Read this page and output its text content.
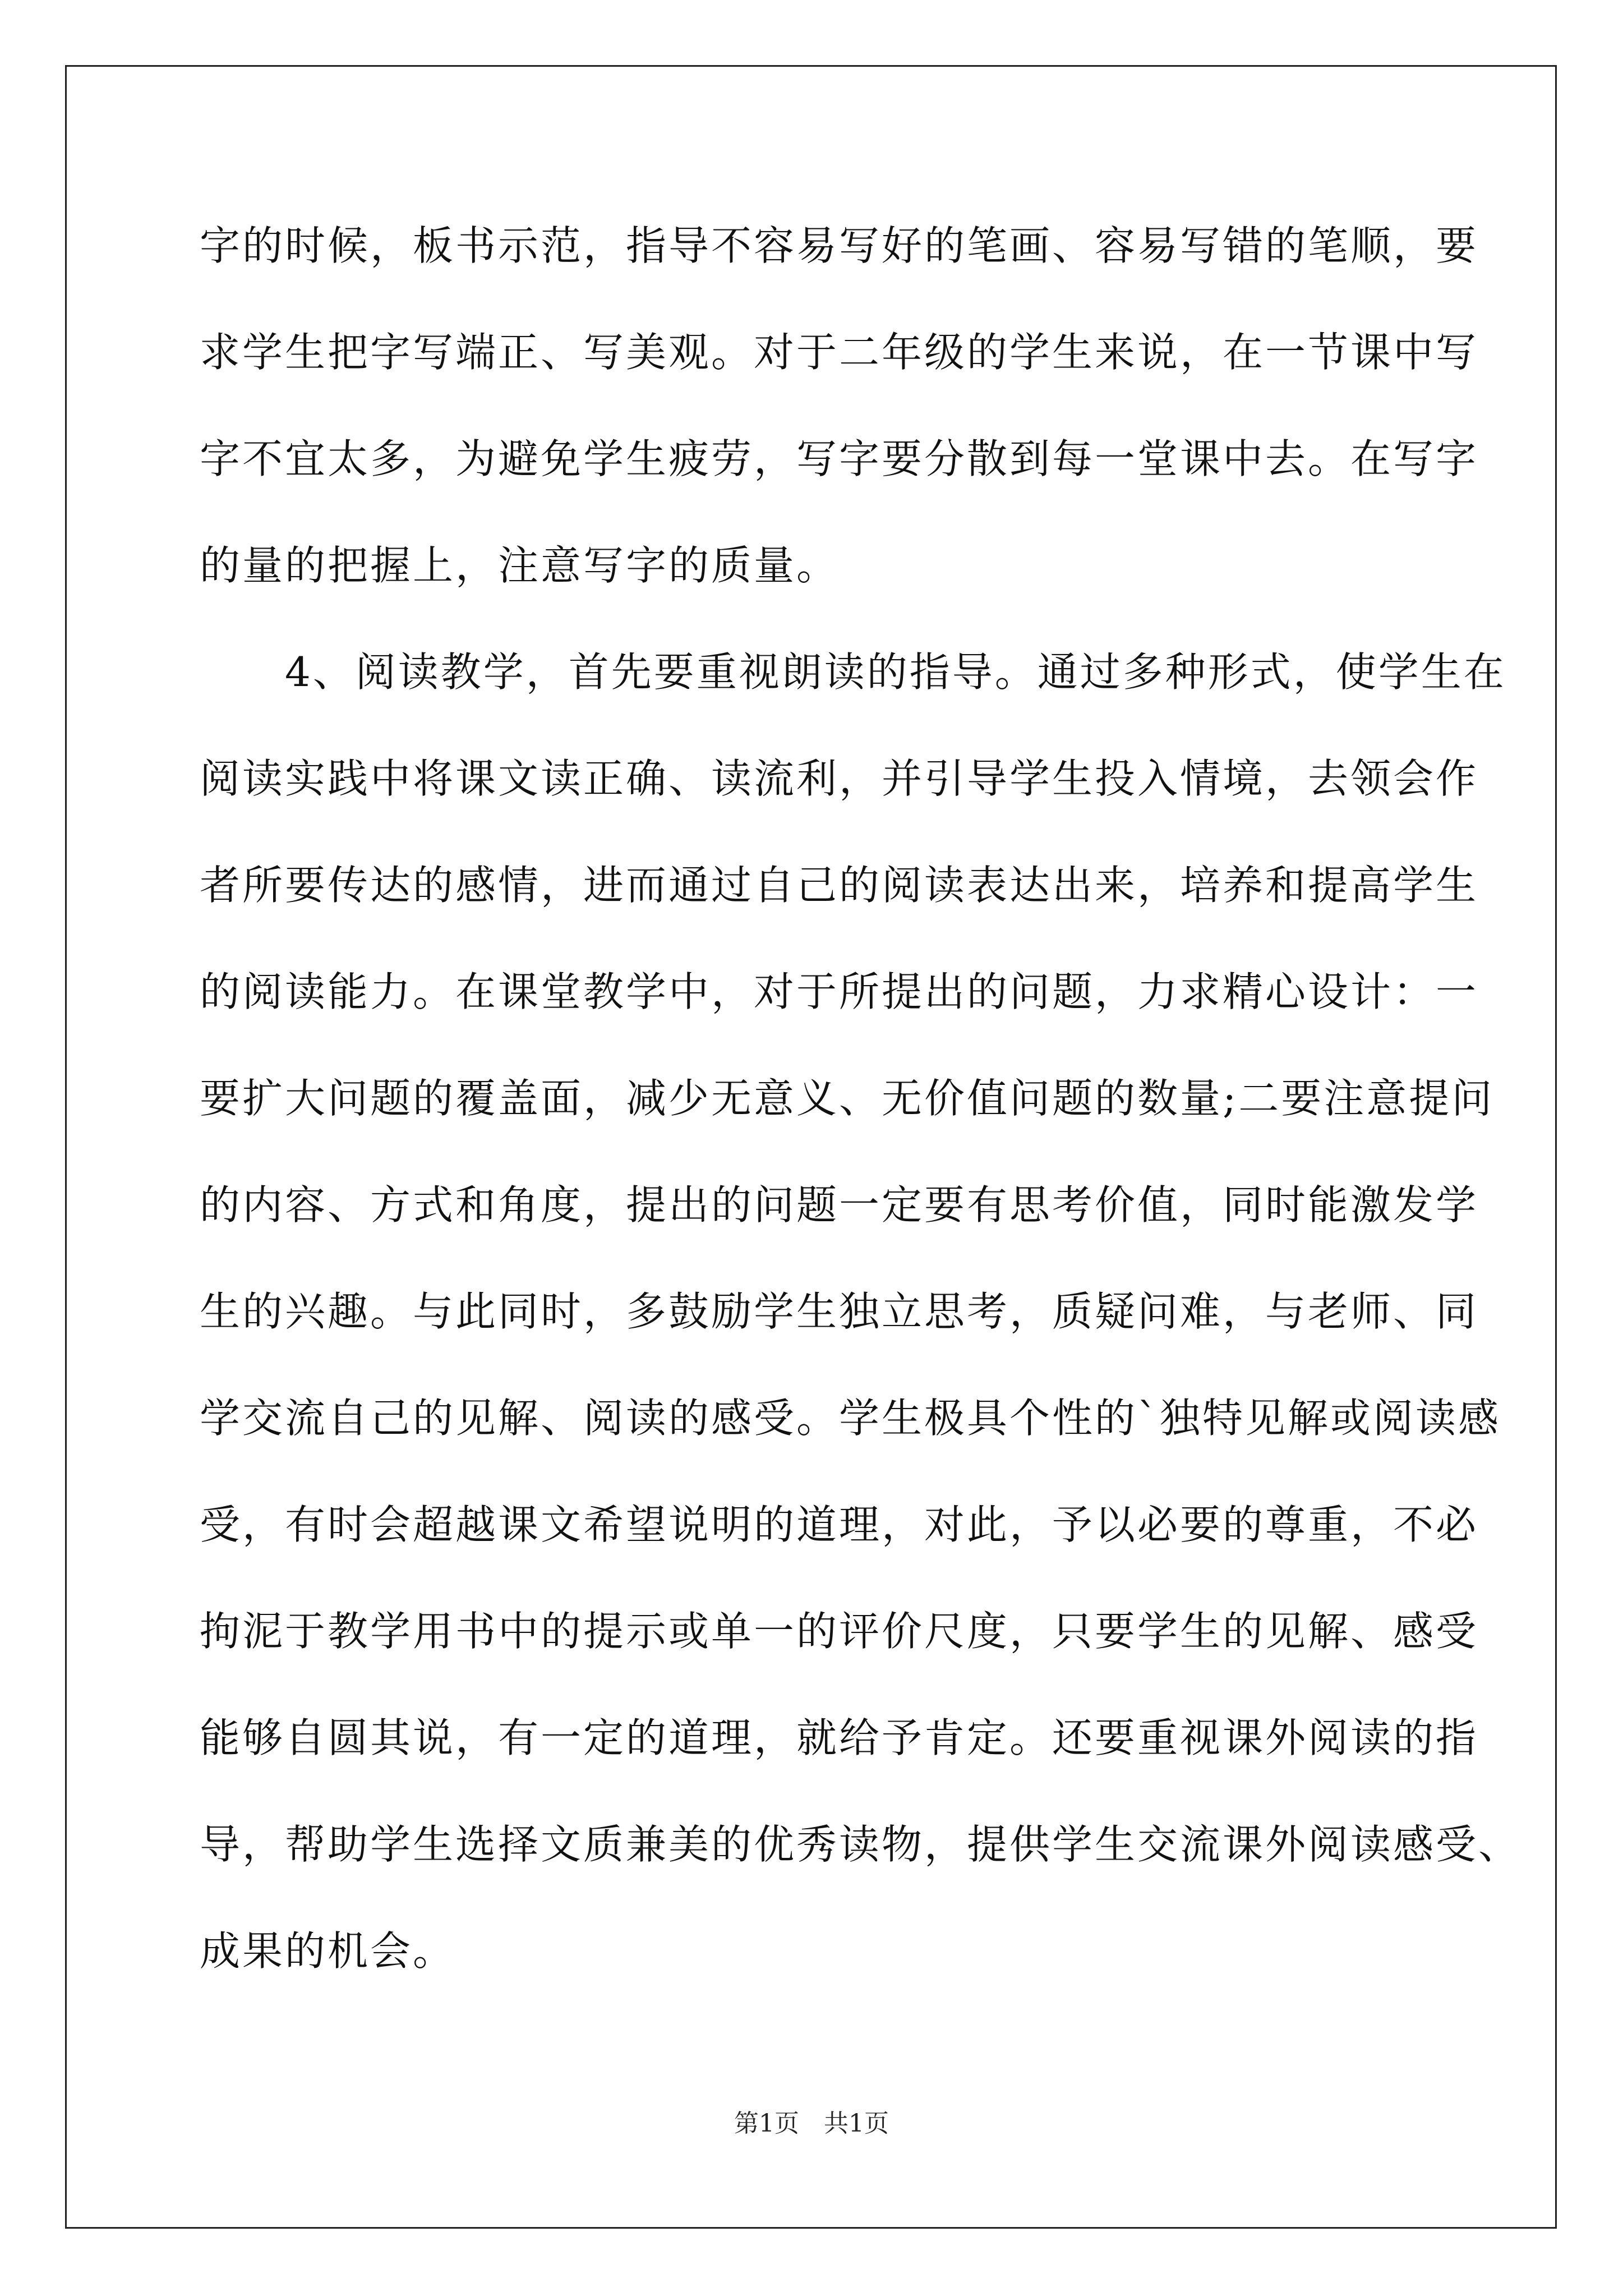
字的时候，板书示范，指导不容易写好的笔画、容易写错的笔顺，要
求学生把字写端正、写美观。对于二年级的学生来说，在一节课中写
字不宜太多，为避免学生疲劳，写字要分散到每一堂课中去。在写字
的量的把握上，注意写字的质量。
　　4、阅读教学，首先要重视朗读的指导。通过多种形式，使学生在
阅读实践中将课文读正确、读流利，并引导学生投入情境，去领会作
者所要传达的感情，进而通过自己的阅读表达出来，培养和提高学生
的阅读能力。在课堂教学中，对于所提出的问题，力求精心设计：一
要扩大问题的覆盖面，减少无意义、无价值问题的数量;二要注意提问
的内容、方式和角度，提出的问题一定要有思考价值，同时能激发学
生的兴趣。与此同时，多鼓励学生独立思考，质疑问难，与老师、同
学交流自己的见解、阅读的感受。学生极具个性的`独特见解或阅读感
受，有时会超越课文希望说明的道理，对此，予以必要的尊重，不必
拘泥于教学用书中的提示或单一的评价尺度，只要学生的见解、感受
能够自圆其说，有一定的道理，就给予肯定。还要重视课外阅读的指
导，帮助学生选择文质兼美的优秀读物，提供学生交流课外阅读感受、
成果的机会。
第1页　共1页
